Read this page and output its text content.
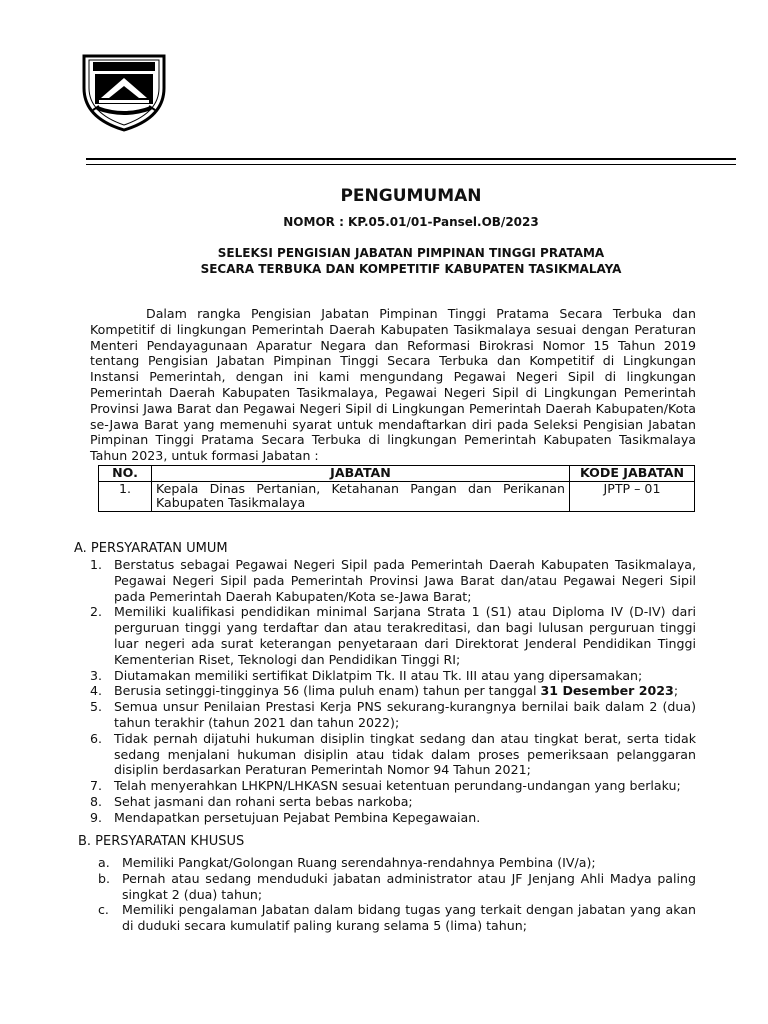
PENGUMUMAN
NOMOR : KP.05.01/01-Pansel.OB/2023
SELEKSI PENGISIAN JABATAN PIMPINAN TINGGI PRATAMA
SECARA TERBUKA DAN KOMPETITIF KABUPATEN TASIKMALAYA
Dalam rangka Pengisian Jabatan Pimpinan Tinggi Pratama Secara Terbuka dan Kompetitif di lingkungan Pemerintah Daerah Kabupaten Tasikmalaya sesuai dengan Peraturan Menteri Pendayagunaan Aparatur Negara dan Reformasi Birokrasi Nomor 15 Tahun 2019 tentang Pengisian Jabatan Pimpinan Tinggi Secara Terbuka dan Kompetitif di Lingkungan Instansi Pemerintah, dengan ini kami mengundang Pegawai Negeri Sipil di lingkungan Pemerintah Daerah Kabupaten Tasikmalaya, Pegawai Negeri Sipil di Lingkungan Pemerintah Provinsi Jawa Barat dan Pegawai Negeri Sipil di Lingkungan Pemerintah Daerah Kabupaten/Kota se-Jawa Barat yang memenuhi syarat untuk mendaftarkan diri pada Seleksi Pengisian Jabatan Pimpinan Tinggi Pratama Secara Terbuka di lingkungan Pemerintah Kabupaten Tasikmalaya Tahun 2023, untuk formasi Jabatan :
NO.	JABATAN	KODE JABATAN
1.	Kepala Dinas Pertanian, Ketahanan Pangan dan Perikanan Kabupaten Tasikmalaya	JPTP – 01
A. PERSYARATAN UMUM
1. Berstatus sebagai Pegawai Negeri Sipil pada Pemerintah Daerah Kabupaten Tasikmalaya, Pegawai Negeri Sipil pada Pemerintah Provinsi Jawa Barat dan/atau Pegawai Negeri Sipil pada Pemerintah Daerah Kabupaten/Kota se-Jawa Barat;
2. Memiliki kualifikasi pendidikan minimal Sarjana Strata 1 (S1) atau Diploma IV (D-IV) dari perguruan tinggi yang terdaftar dan atau terakreditasi, dan bagi lulusan perguruan tinggi luar negeri ada surat keterangan penyetaraan dari Direktorat Jenderal Pendidikan Tinggi Kementerian Riset, Teknologi dan Pendidikan Tinggi RI;
3. Diutamakan memiliki sertifikat Diklatpim Tk. II atau Tk. III atau yang dipersamakan;
4. Berusia setinggi-tingginya 56 (lima puluh enam) tahun per tanggal 31 Desember 2023;
5. Semua unsur Penilaian Prestasi Kerja PNS sekurang-kurangnya bernilai baik dalam 2 (dua) tahun terakhir (tahun 2021 dan tahun 2022);
6. Tidak pernah dijatuhi hukuman disiplin tingkat sedang dan atau tingkat berat, serta tidak sedang menjalani hukuman disiplin atau tidak dalam proses pemeriksaan pelanggaran disiplin berdasarkan Peraturan Pemerintah Nomor 94 Tahun 2021;
7. Telah menyerahkan LHKPN/LHKASN sesuai ketentuan perundang-undangan yang berlaku;
8. Sehat jasmani dan rohani serta bebas narkoba;
9. Mendapatkan persetujuan Pejabat Pembina Kepegawaian.
B. PERSYARATAN KHUSUS
a. Memiliki Pangkat/Golongan Ruang serendahnya-rendahnya Pembina (IV/a);
b. Pernah atau sedang menduduki jabatan administrator atau JF Jenjang Ahli Madya paling singkat 2 (dua) tahun;
c. Memiliki pengalaman Jabatan dalam bidang tugas yang terkait dengan jabatan yang akan di duduki secara kumulatif paling kurang selama 5 (lima) tahun;
